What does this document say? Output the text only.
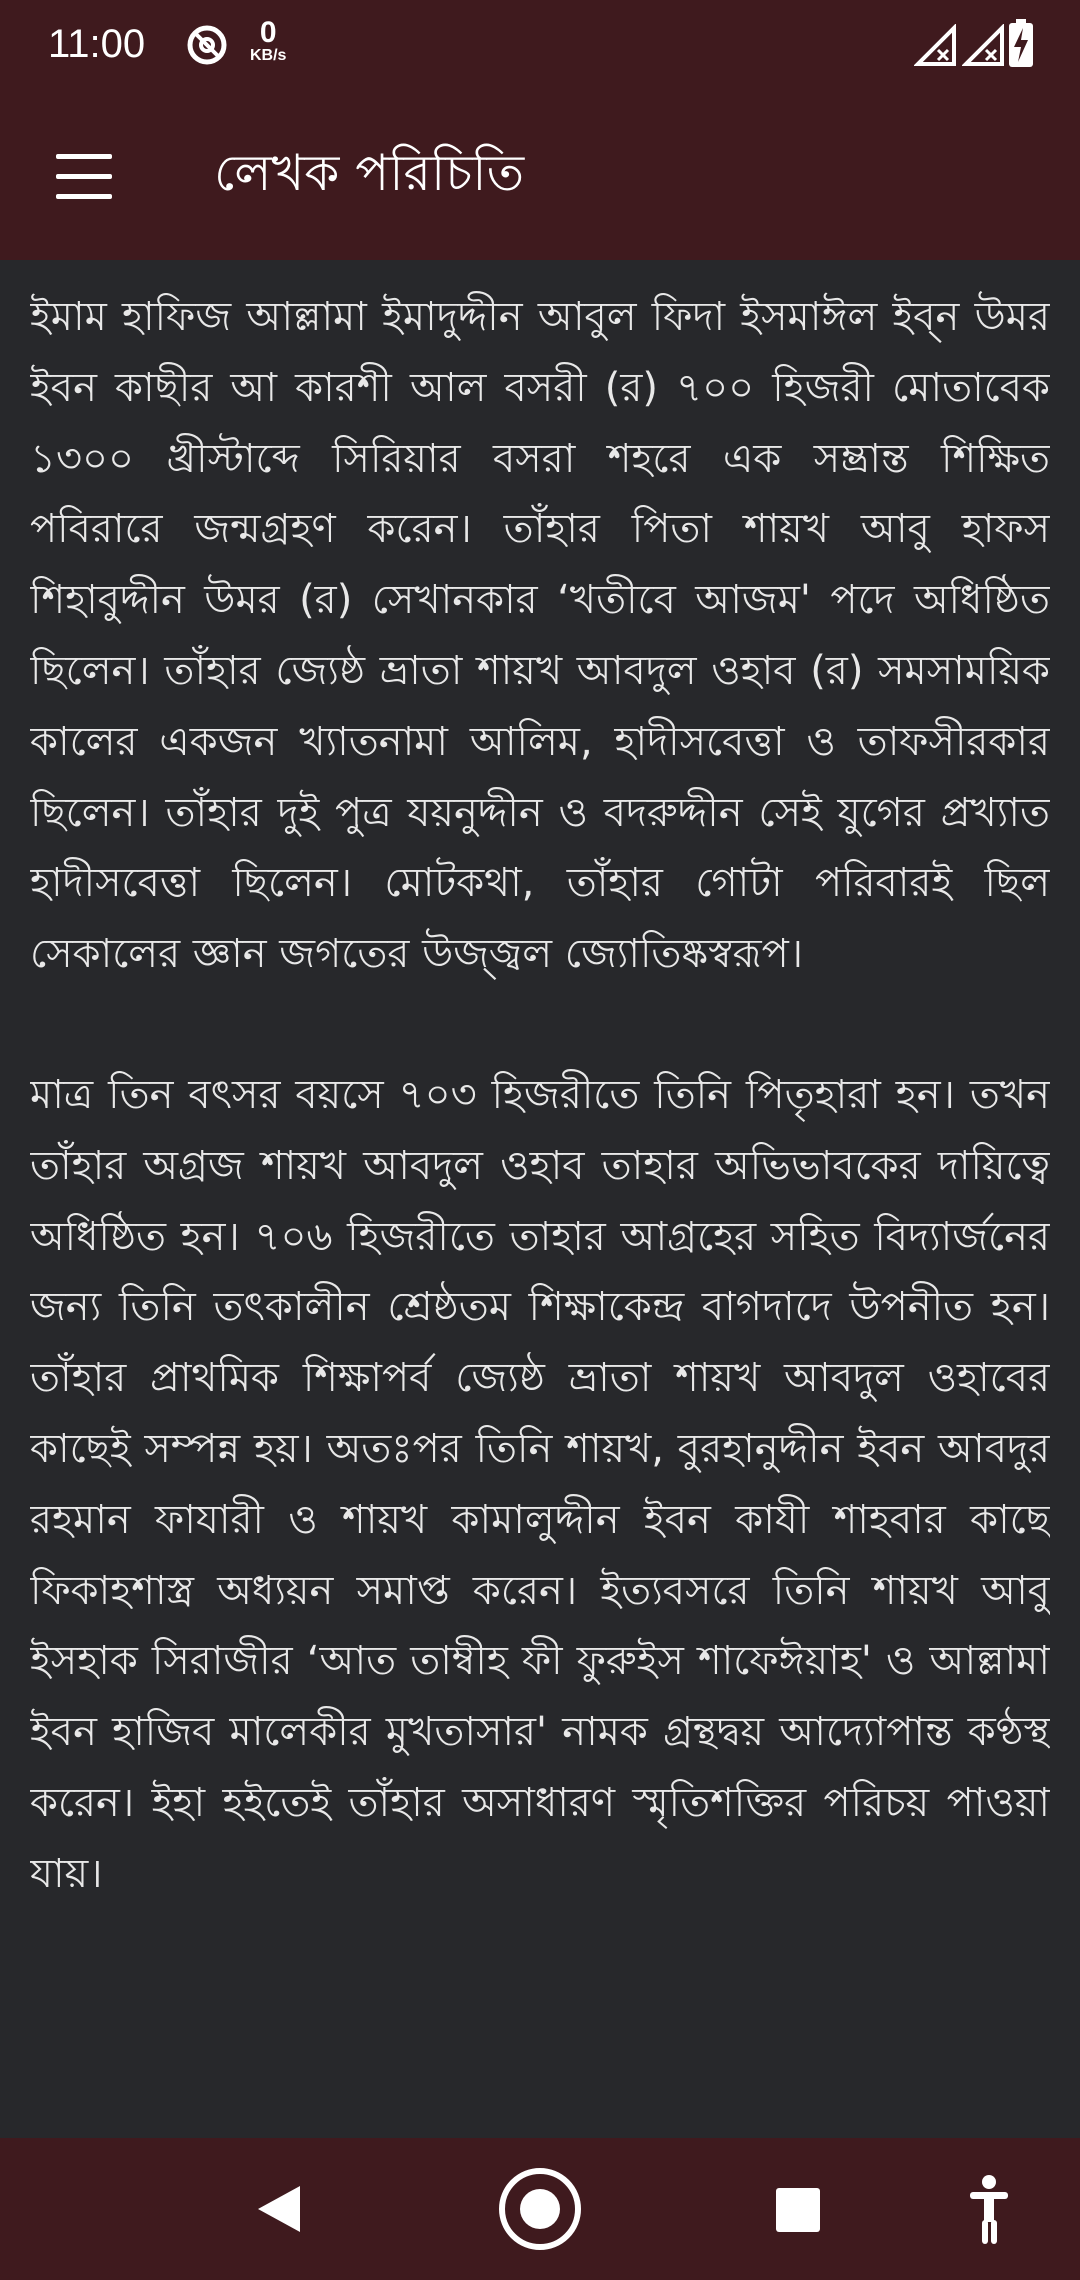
11:00	0
KB/s
লেখক পরিচিতি

ইমাম হাফিজ আল্লামা ইমাদুদ্দীন আবুল ফিদা ইসমাঈল ইব্ন উমর ইবন কাছীর আ কারশী আল বসরী (র) ৭০০ হিজরী মোতাবেক ১৩০০ খ্রীস্টাব্দে সিরিয়ার বসরা শহরে এক সম্ভ্রান্ত শিক্ষিত পবিরারে জন্মগ্রহণ করেন। তাঁহার পিতা শায়খ আবু হাফস শিহাবুদ্দীন উমর (র) সেখানকার ‘খতীবে আজম' পদে অধিষ্ঠিত ছিলেন। তাঁহার জ্যেষ্ঠ ভ্রাতা শায়খ আবদুল ওহাব (র) সমসাময়িক কালের একজন খ্যাতনামা আলিম, হাদীসবেত্তা ও তাফসীরকার ছিলেন। তাঁহার দুই পুত্র যয়নুদ্দীন ও বদরুদ্দীন সেই যুগের প্রখ্যাত হাদীসবেত্তা ছিলেন। মোটকথা, তাঁহার গোটা পরিবারই ছিল সেকালের জ্ঞান জগতের উজ্জ্বল জ্যোতিষ্কস্বরূপ।

মাত্র তিন বৎসর বয়সে ৭০৩ হিজরীতে তিনি পিতৃহারা হন। তখন তাঁহার অগ্রজ শায়খ আবদুল ওহাব তাহার অভিভাবকের দায়িত্বে অধিষ্ঠিত হন। ৭০৬ হিজরীতে তাহার আগ্রহের সহিত বিদ্যার্জনের জন্য তিনি তৎকালীন শ্রেষ্ঠতম শিক্ষাকেন্দ্র বাগদাদে উপনীত হন। তাঁহার প্রাথমিক শিক্ষাপর্ব জ্যেষ্ঠ ভ্রাতা শায়খ আবদুল ওহাবের কাছেই সম্পন্ন হয়। অতঃপর তিনি শায়খ, বুরহানুদ্দীন ইবন আবদুর রহমান ফাযারী ও শায়খ কামালুদ্দীন ইবন কাযী শাহবার কাছে ফিকাহশাস্ত্র অধ্যয়ন সমাপ্ত করেন। ইত্যবসরে তিনি শায়খ আবু ইসহাক সিরাজীর ‘আত তাম্বীহ ফী ফুরুইস শাফেঈয়াহ' ও আল্লামা ইবন হাজিব মালেকীর মুখতাসার' নামক গ্রন্থদ্বয় আদ্যোপান্ত কণ্ঠস্থ করেন। ইহা হইতেই তাঁহার অসাধারণ স্মৃতিশক্তির পরিচয় পাওয়া যায়।
